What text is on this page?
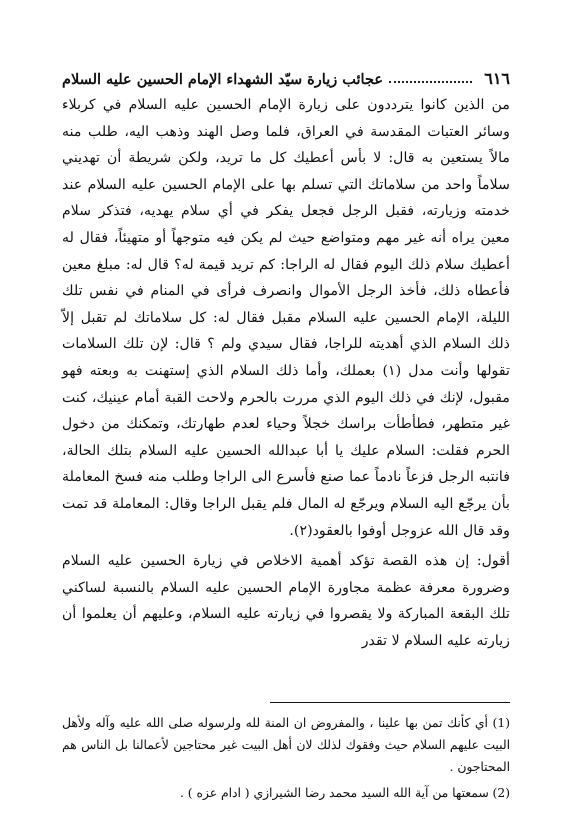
٦١٦
عجائب زيارة سيّد الشهداء الإمام الحسين عليه السلام

من الذين كانوا يترددون على زيارة الإمام الحسين عليه السلام في كربلاء وسائر العتبات المقدسة في العراق، فلما وصل الهند وذهب اليه، طلب منه مالاً يستعين به قال: لا بأس أعطيك كل ما تريد، ولكن شريطة أن تهديني سلاماً واحد من سلاماتك التي تسلم بها على الإمام الحسين عليه السلام عند خدمته وزيارته، فقبل الرجل فجعل يفكر في أي سلام يهديه، فتذكر سلام معين يراه أنه غير مهم ومتواضع حيث لم يكن فيه متوجهاً أو متهيئاً، فقال له أعطيك سلام ذلك اليوم فقال له الراجا: كم تريد قيمة له؟ قال له: مبلغ معين فأعطاه ذلك، فأخذ الرجل الأموال وانصرف فرأى في المنام في نفس تلك الليلة، الإمام الحسين عليه السلام مقبل فقال له: كل سلاماتك لم تقبل إلاّ ذلك السلام الذي أهديته للراجا، فقال سيدي ولم ؟ قال: لإن تلك السلامات تقولها وأنت مدل (١) بعملك، وأما ذلك السلام الذي إستهنت به وبعته فهو مقبول، لإنك في ذلك اليوم الذي مررت بالحرم ولاحت القبة أمام عينيك، كنت غير متطهر، فطأطأت براسك خجلاً وحياء لعدم طهارتك، وتمكنك من دخول الحرم فقلت: السلام عليك يا أبا عبدالله الحسين عليه السلام بتلك الحالة، فانتبه الرجل فزعاً نادماً عما صنع فأسرع الى الراجا وطلب منه فسخ المعاملة بأن يرجّع اليه السلام ويرجّع له المال فلم يقبل الراجا وقال: المعاملة قد تمت وقد قال الله عزوجل أوفوا بالعقود(٢).

أقول: إن هذه القصة تؤكد أهمية الاخلاص في زيارة الحسين عليه السلام وضرورة معرفة عظمة مجاورة الإمام الحسين عليه السلام بالنسبة لساكني تلك البقعة المباركة ولا يقصروا في زيارته عليه السلام، وعليهم أن يعلموا أن زيارته عليه السلام لا تقدر

(1) أي كأنك تمن بها علينا ، والمفروض ان المنة لله ولرسوله صلى الله عليه وآله ولأهل البيت عليهم السلام حيث وفقوك لذلك لان أهل البيت غير محتاجين لأعمالنا بل الناس هم المحتاجون .

(2) سمعتها من آية الله السيد محمد رضا الشيرازي ( ادام عزه ) .
